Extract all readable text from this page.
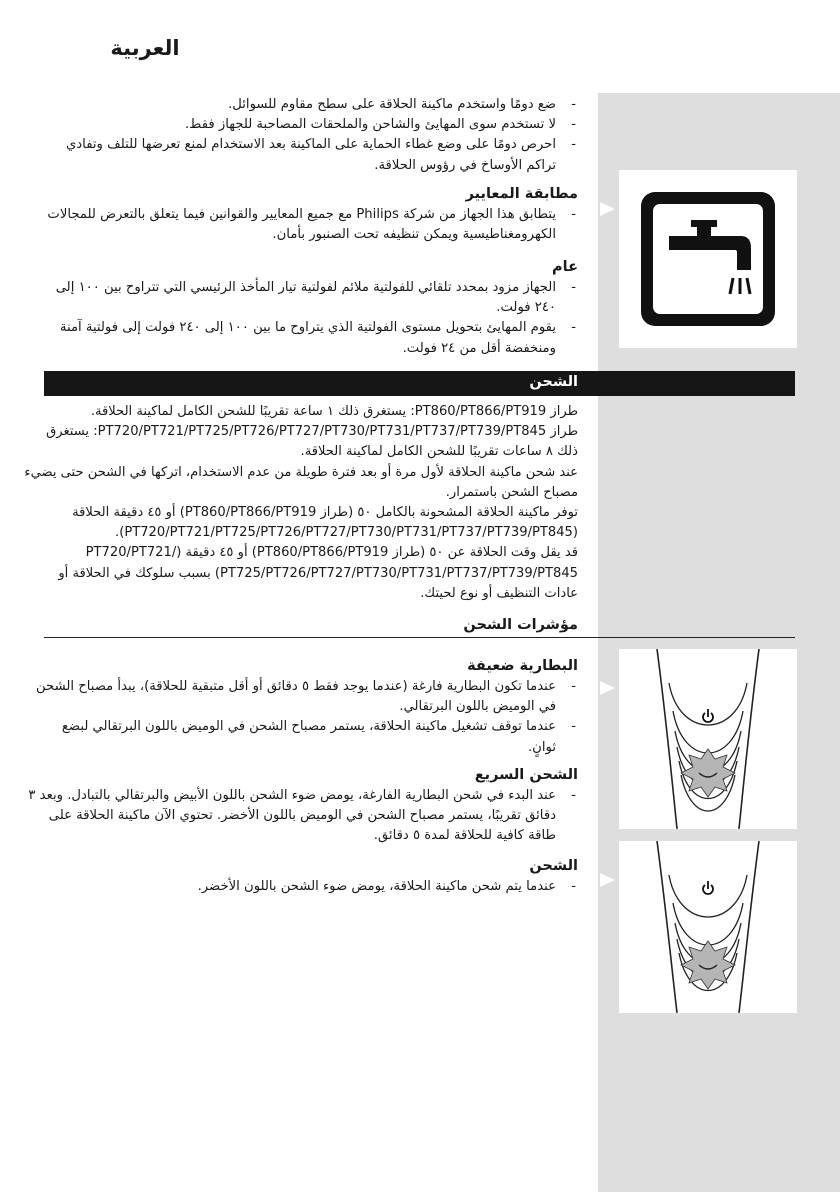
العربية

-
ضع دومًا واستخدم ماكينة الحلاقة على سطح مقاوم للسوائل.

-
لا تستخدم سوى المهايئ والشاحن والملحقات المصاحبة للجهاز فقط.

-
احرص دومًا على وضع غطاء الحماية على الماكينة بعد الاستخدام لمنع تعرضها للتلف وتفادي تراكم الأوساخ في رؤوس الحلاقة.

مطابقة المعايير

-
يتطابق هذا الجهاز من شركة Philips مع جميع المعايير والقوانين فيما يتعلق بالتعرض للمجالات الكهرومغناطيسية ويمكن تنظيفه تحت الصنبور بأمان.

عام

-
الجهاز مزود بمحدد تلقائي للفولتية ملائم لفولتية تيار المأخذ الرئيسي التي تتراوح بين ١٠٠ إلى ٢٤٠ فولت.

-
يقوم المهايئ بتحويل مستوى الفولتية الذي يتراوح ما بين ١٠٠ إلى ٢٤٠ فولت إلى فولتية آمنة ومنخفضة أقل من ٢٤ فولت.

الشحن

طراز PT860/PT866/PT919: يستغرق ذلك ١ ساعة تقريبًا للشحن الكامل لماكينة الحلاقة.

طراز PT720/PT721/PT725/PT726/PT727/PT730/PT731/PT737/PT739/PT845: يستغرق ذلك ٨ ساعات تقريبًا للشحن الكامل لماكينة الحلاقة.

عند شحن ماكينة الحلاقة لأول مرة أو بعد فترة طويلة من عدم الاستخدام، اتركها في الشحن حتى يضيء مصباح الشحن باستمرار.

توفر ماكينة الحلاقة المشحونة بالكامل ٥٠ (طراز PT860/PT866/PT919) أو ٤٥ دقيقة الحلاقة (PT720/PT721/PT725/PT726/PT727/PT730/PT731/PT737/PT739/PT845).

قد يقل وقت الحلاقة عن ٥٠ (طراز PT860/PT866/PT919) أو ٤٥ دقيقة (PT720/PT721/ PT725/PT726/PT727/PT730/PT731/PT737/PT739/PT845) بسبب سلوكك في الحلاقة أو عادات التنظيف أو نوع لحيتك.

مؤشرات الشحن

البطارية ضعيفة

-
عندما تكون البطارية فارغة (عندما يوجد فقط ٥ دقائق أو أقل متبقية للحلاقة)، يبدأ مصباح الشحن في الوميض باللون البرتقالي.

-
عندما توقف تشغيل ماكينة الحلاقة، يستمر مصباح الشحن في الوميض باللون البرتقالي لبضع ثوانٍ.

الشحن السريع

-
عند البدء في شحن البطارية الفارغة، يومض ضوء الشحن باللون الأبيض والبرتقالي بالتبادل. وبعد ٣ دقائق تقريبًا، يستمر مصباح الشحن في الوميض باللون الأخضر. تحتوي الآن ماكينة الحلاقة على طاقة كافية للحلاقة لمدة ٥ دقائق.

الشحن

-
عندما يتم شحن ماكينة الحلاقة، يومض ضوء الشحن باللون الأخضر.
